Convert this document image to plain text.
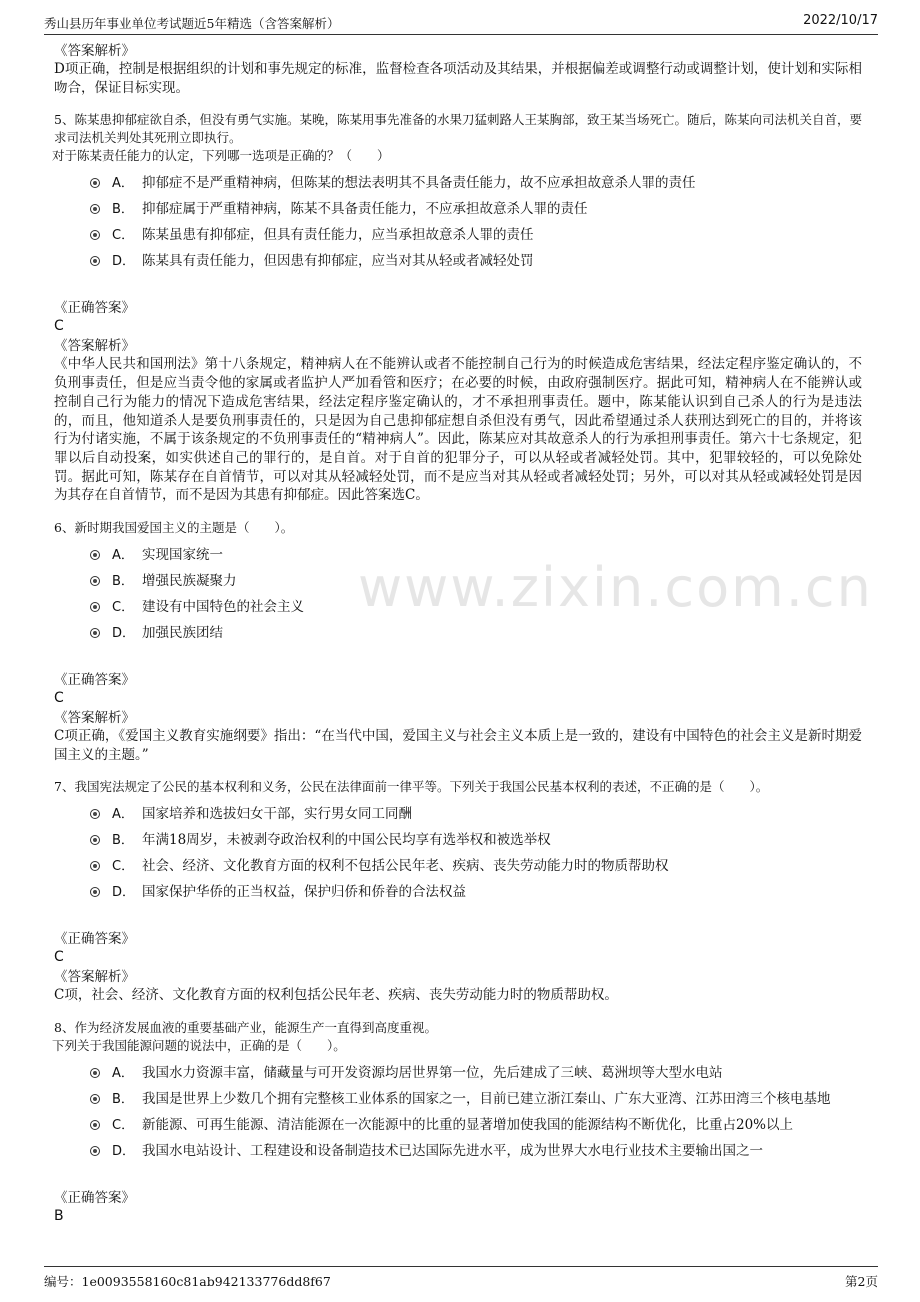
秀山县历年事业单位考试题近5年精选（含答案解析）	2022/10/17
www.zixin.com.cn

《答案解析》

D项正确，控制是根据组织的计划和事先规定的标准，监督检查各项活动及其结果，并根据偏差或调整行动或调整计划，使计划和实际相吻合，保证目标实现。

5、陈某患抑郁症欲自杀，但没有勇气实施。某晚，陈某用事先准备的水果刀猛刺路人王某胸部，致王某当场死亡。随后，陈某向司法机关自首，要求司法机关判处其死刑立即执行。

对于陈某责任能力的认定，下列哪一选项是正确的？（　　）

A． 抑郁症不是严重精神病，但陈某的想法表明其不具备责任能力，故不应承担故意杀人罪的责任
B． 抑郁症属于严重精神病，陈某不具备责任能力，不应承担故意杀人罪的责任
C． 陈某虽患有抑郁症，但具有责任能力，应当承担故意杀人罪的责任
D． 陈某具有责任能力，但因患有抑郁症，应当对其从轻或者减轻处罚

《正确答案》

C

《答案解析》

《中华人民共和国刑法》第十八条规定，精神病人在不能辨认或者不能控制自己行为的时候造成危害结果，经法定程序鉴定确认的，不负刑事责任，但是应当责令他的家属或者监护人严加看管和医疗；在必要的时候，由政府强制医疗。据此可知，精神病人在不能辨认或控制自己行为能力的情况下造成危害结果，经法定程序鉴定确认的，才不承担刑事责任。题中，陈某能认识到自己杀人的行为是违法的，而且，他知道杀人是要负刑事责任的，只是因为自己患抑郁症想自杀但没有勇气，因此希望通过杀人获刑达到死亡的目的，并将该行为付诸实施，不属于该条规定的不负刑事责任的“精神病人”。因此，陈某应对其故意杀人的行为承担刑事责任。第六十七条规定，犯罪以后自动投案，如实供述自己的罪行的，是自首。对于自首的犯罪分子，可以从轻或者减轻处罚。其中，犯罪较轻的，可以免除处罚。据此可知，陈某存在自首情节，可以对其从轻减轻处罚，而不是应当对其从轻或者减轻处罚；另外，可以对其从轻或减轻处罚是因为其存在自首情节，而不是因为其患有抑郁症。因此答案选C。

6、新时期我国爱国主义的主题是（　　）。

A． 实现国家统一
B． 增强民族凝聚力
C． 建设有中国特色的社会主义
D． 加强民族团结

《正确答案》

C

《答案解析》

C项正确，《爱国主义教育实施纲要》指出：“在当代中国，爱国主义与社会主义本质上是一致的，建设有中国特色的社会主义是新时期爱国主义的主题。”

7、我国宪法规定了公民的基本权利和义务，公民在法律面前一律平等。下列关于我国公民基本权利的表述，不正确的是（　　）。

A． 国家培养和选拔妇女干部，实行男女同工同酬
B． 年满18周岁，未被剥夺政治权利的中国公民均享有选举权和被选举权
C． 社会、经济、文化教育方面的权利不包括公民年老、疾病、丧失劳动能力时的物质帮助权
D． 国家保护华侨的正当权益，保护归侨和侨眷的合法权益

《正确答案》

C

《答案解析》

C项，社会、经济、文化教育方面的权利包括公民年老、疾病、丧失劳动能力时的物质帮助权。

8、作为经济发展血液的重要基础产业，能源生产一直得到高度重视。

下列关于我国能源问题的说法中，正确的是（　　）。

A． 我国水力资源丰富，储藏量与可开发资源均居世界第一位，先后建成了三峡、葛洲坝等大型水电站
B． 我国是世界上少数几个拥有完整核工业体系的国家之一，目前已建立浙江秦山、广东大亚湾、江苏田湾三个核电基地
C． 新能源、可再生能源、清洁能源在一次能源中的比重的显著增加使我国的能源结构不断优化，比重占20%以上
D． 我国水电站设计、工程建设和设备制造技术已达国际先进水平，成为世界大水电行业技术主要输出国之一

《正确答案》

B

编号：1e0093558160c81ab942133776dd8f67	第2页
